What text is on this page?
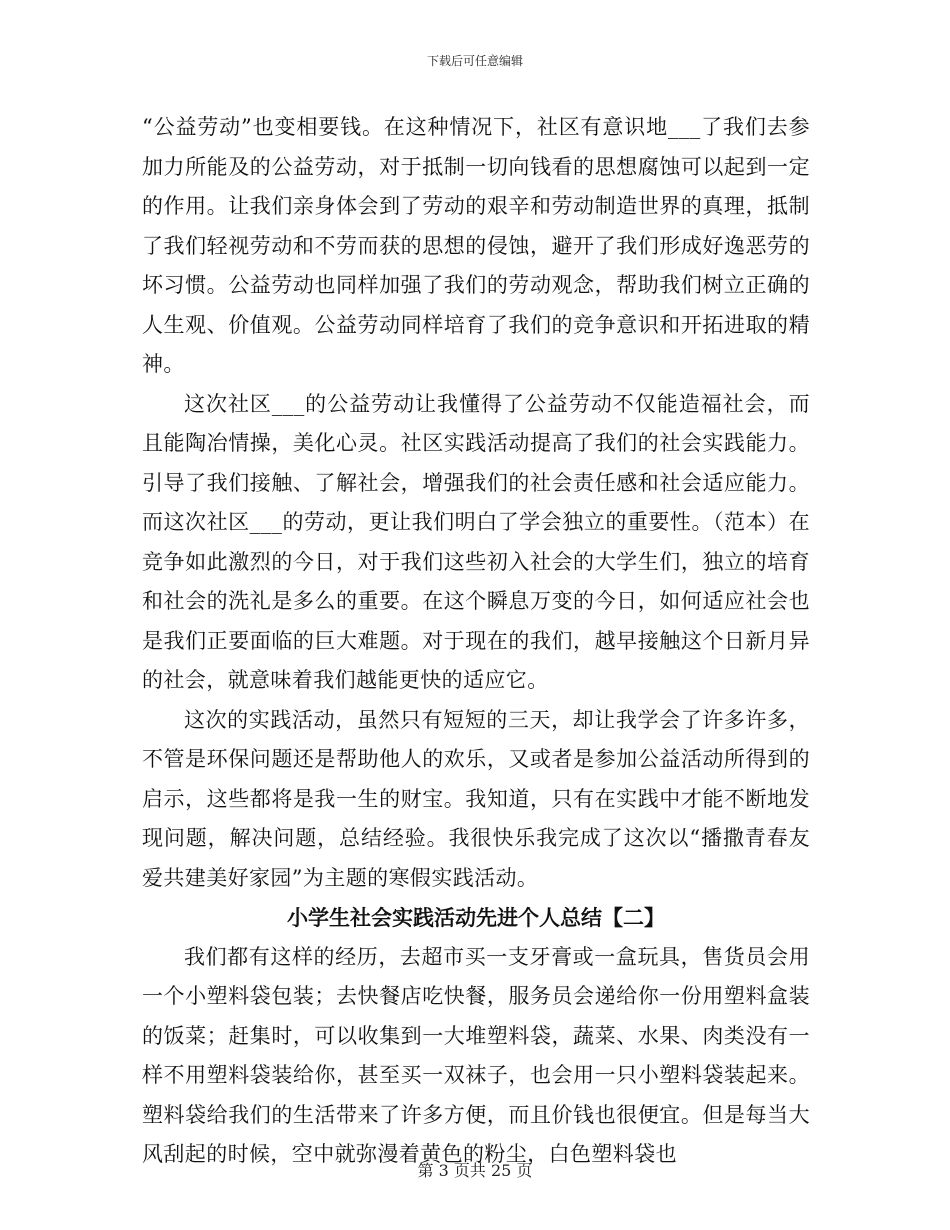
下载后可任意编辑

“公益劳动”也变相要钱。在这种情况下，社区有意识地___了我们去参加力所能及的公益劳动，对于抵制一切向钱看的思想腐蚀可以起到一定的作用。让我们亲身体会到了劳动的艰辛和劳动制造世界的真理，抵制了我们轻视劳动和不劳而获的思想的侵蚀，避开了我们形成好逸恶劳的坏习惯。公益劳动也同样加强了我们的劳动观念，帮助我们树立正确的人生观、价值观。公益劳动同样培育了我们的竞争意识和开拓进取的精神。

这次社区___的公益劳动让我懂得了公益劳动不仅能造福社会，而且能陶冶情操，美化心灵。社区实践活动提高了我们的社会实践能力。引导了我们接触、了解社会，增强我们的社会责任感和社会适应能力。而这次社区___的劳动，更让我们明白了学会独立的重要性。（范本）在竞争如此激烈的今日，对于我们这些初入社会的大学生们，独立的培育和社会的洗礼是多么的重要。在这个瞬息万变的今日，如何适应社会也是我们正要面临的巨大难题。对于现在的我们，越早接触这个日新月异的社会，就意味着我们越能更快的适应它。

这次的实践活动，虽然只有短短的三天，却让我学会了许多许多，不管是环保问题还是帮助他人的欢乐，又或者是参加公益活动所得到的启示，这些都将是我一生的财宝。我知道，只有在实践中才能不断地发现问题，解决问题，总结经验。我很快乐我完成了这次以“播撒青春友爱共建美好家园”为主题的寒假实践活动。

小学生社会实践活动先进个人总结【二】

我们都有这样的经历，去超市买一支牙膏或一盒玩具，售货员会用一个小塑料袋包装；去快餐店吃快餐，服务员会递给你一份用塑料盒装的饭菜；赶集时，可以收集到一大堆塑料袋，蔬菜、水果、肉类没有一样不用塑料袋装给你，甚至买一双袜子，也会用一只小塑料袋装起来。塑料袋给我们的生活带来了许多方便，而且价钱也很便宜。但是每当大风刮起的时候，空中就弥漫着黄色的粉尘，白色塑料袋也

第 3 页共 25 页
